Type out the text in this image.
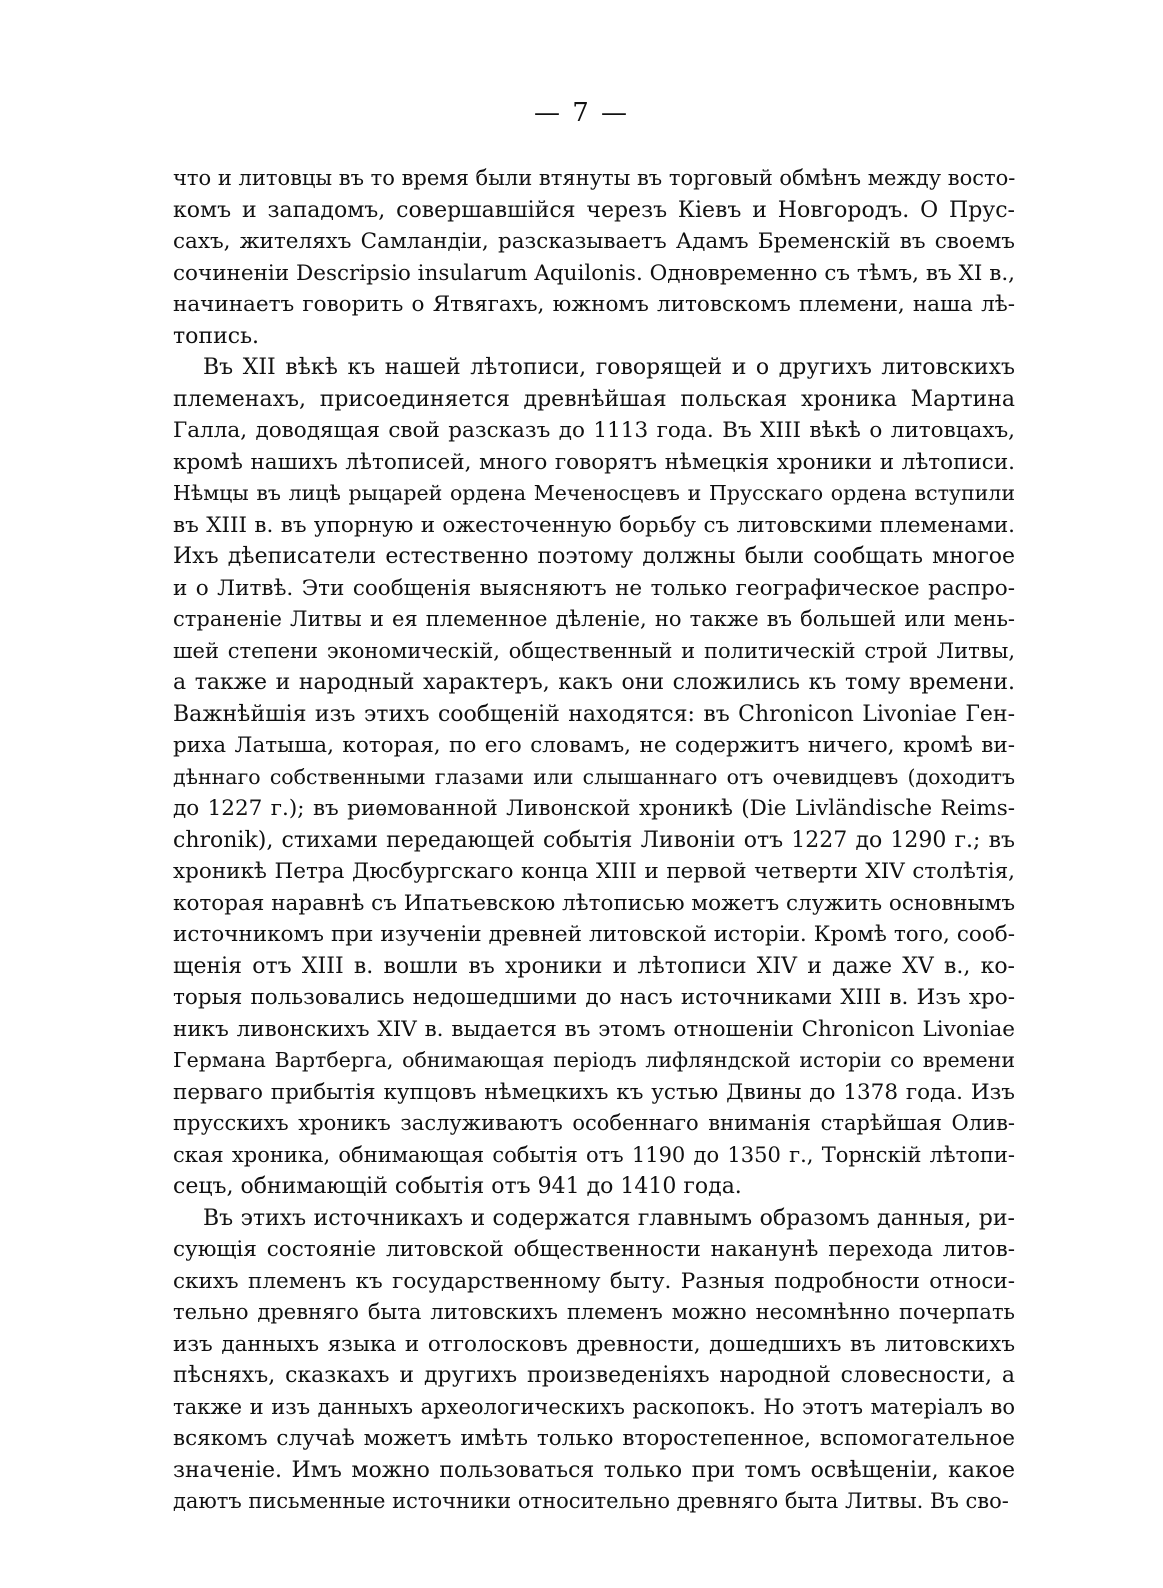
— 7 —
что и литовцы въ то время были втянуты въ торговый обмѣнъ между восто-
комъ и западомъ, совершавшійся черезъ Кіевъ и Новгородъ. О Прус-
сахъ, жителяхъ Самландіи, разсказываетъ Адамъ Бременскій въ своемъ
сочиненіи Descripsio insularum Aquilonis. Одновременно съ тѣмъ, въ XI в.,
начинаетъ говорить о Ятвягахъ, южномъ литовскомъ племени, наша лѣ-
топись.
Въ XII вѣкѣ къ нашей лѣтописи, говорящей и о другихъ литовскихъ
племенахъ, присоединяется древнѣйшая польская хроника Мартина
Галла, доводящая свой разсказъ до 1113 года. Въ XIII вѣкѣ о литовцахъ,
кромѣ нашихъ лѣтописей, много говорятъ нѣмецкія хроники и лѣтописи.
Нѣмцы въ лицѣ рыцарей ордена Меченосцевъ и Прусскаго ордена вступили
въ XIII в. въ упорную и ожесточенную борьбу съ литовскими племенами.
Ихъ дѣеписатели естественно поэтому должны были сообщать многое
и о Литвѣ. Эти сообщенія выясняютъ не только географическое распро-
страненіе Литвы и ея племенное дѣленіе, но также въ большей или мень-
шей степени экономическій, общественный и политическій строй Литвы,
а также и народный характеръ, какъ они сложились къ тому времени.
Важнѣйшія изъ этихъ сообщеній находятся: въ Chronicon Livoniae Ген-
риха Латыша, которая, по его словамъ, не содержитъ ничего, кромѣ ви-
дѣннаго собственными глазами или слышаннаго отъ очевидцевъ (доходитъ
до 1227 г.); въ риѳмованной Ливонской хроникѣ (Die Livländische Reims-
chronik), стихами передающей событія Ливоніи отъ 1227 до 1290 г.; въ
хроникѣ Петра Дюсбургскаго конца XIII и первой четверти XIV столѣтія,
которая наравнѣ съ Ипатьевскою лѣтописью можетъ служить основнымъ
источникомъ при изученіи древней литовской исторіи. Кромѣ того, сооб-
щенія отъ XIII в. вошли въ хроники и лѣтописи XIV и даже XV в., ко-
торыя пользовались недошедшими до насъ источниками XIII в. Изъ хро-
никъ ливонскихъ XIV в. выдается въ этомъ отношеніи Chronicon Livoniae
Германа Вартберга, обнимающая періодъ лифляндской исторіи со времени
перваго прибытія купцовъ нѣмецкихъ къ устью Двины до 1378 года. Изъ
прусскихъ хроникъ заслуживаютъ особеннаго вниманія старѣйшая Олив-
ская хроника, обнимающая событія отъ 1190 до 1350 г., Торнскій лѣтопи-
сецъ, обнимающій событія отъ 941 до 1410 года.
Въ этихъ источникахъ и содержатся главнымъ образомъ данныя, ри-
сующія состояніе литовской общественности наканунѣ перехода литов-
скихъ племенъ къ государственному быту. Разныя подробности относи-
тельно древняго быта литовскихъ племенъ можно несомнѣнно почерпать
изъ данныхъ языка и отголосковъ древности, дошедшихъ въ литовскихъ
пѣсняхъ, сказкахъ и другихъ произведеніяхъ народной словесности, а
также и изъ данныхъ археологическихъ раскопокъ. Но этотъ матеріалъ во
всякомъ случаѣ можетъ имѣть только второстепенное, вспомогательное
значеніе. Имъ можно пользоваться только при томъ освѣщеніи, какое
даютъ письменные источники относительно древняго быта Литвы. Въ сво-
